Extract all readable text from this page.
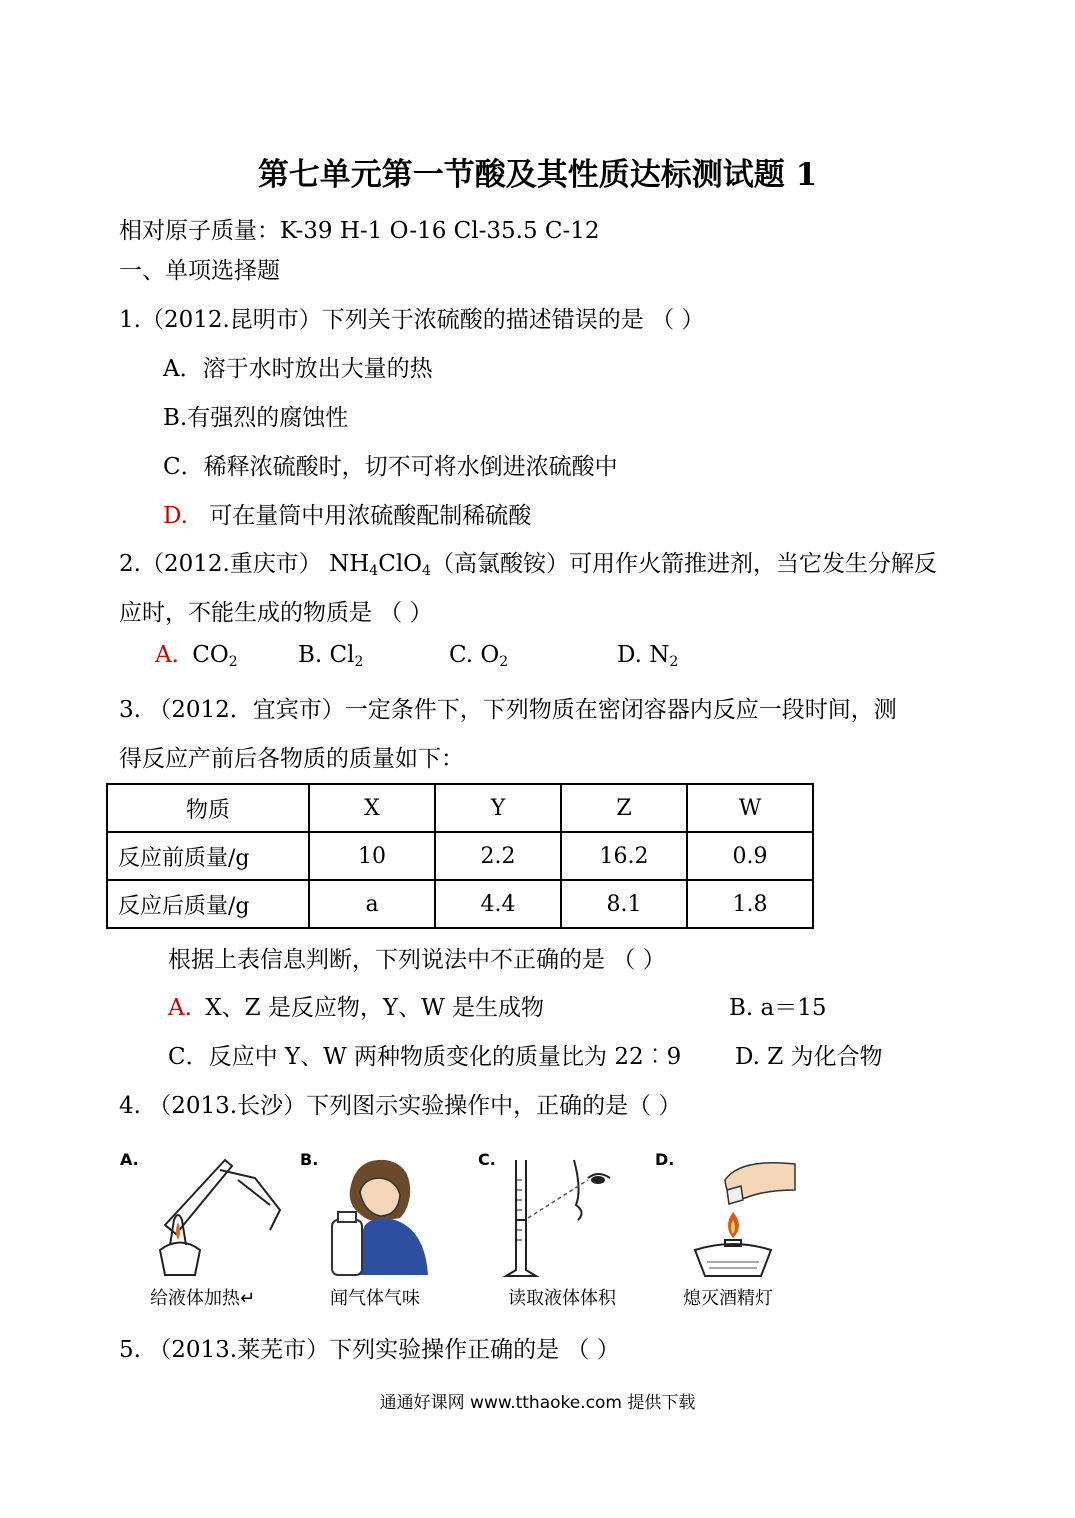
第七单元第一节酸及其性质达标测试题 1
相对原子质量：K-39 H-1 O-16 Cl-35.5 C-12
一、单项选择题
1.（2012.昆明市）下列关于浓硫酸的描述错误的是 （ ）
A．溶于水时放出大量的热
B.有强烈的腐蚀性
C．稀释浓硫酸时，切不可将水倒进浓硫酸中
D. 可在量筒中用浓硫酸配制稀硫酸
2.（2012.重庆市） $NH_4ClO_4$（高氯酸铵）可用作火箭推进剂，当它发生分解反
应时，不能生成的物质是 （ ）
A. $CO_2$	B. $Cl_2$	C. $O_2$	D. $N_2$
3. （2012．宜宾市）一定条件下，下列物质在密闭容器内反应一段时间，测
得反应产前后各物质的质量如下：
物质	X	Y	Z	W
反应前质量/g	10	2.2	16.2	0.9
反应后质量/g	a	4.4	8.1	1.8
根据上表信息判断，下列说法中不正确的是 （ ）
A. X、Z 是反应物，Y、W 是生成物	B. a＝15
C．反应中 Y、W 两种物质变化的质量比为 22︰9 D. Z 为化合物
4. （2013.长沙）下列图示实验操作中，正确的是（ ）
A.
给液体加热↵
B.
闻气体气味
C.
读取液体体积
D.
熄灭酒精灯
5. （2013.莱芜市）下列实验操作正确的是 （ ）
通通好课网 www.tthaoke.com 提供下载
